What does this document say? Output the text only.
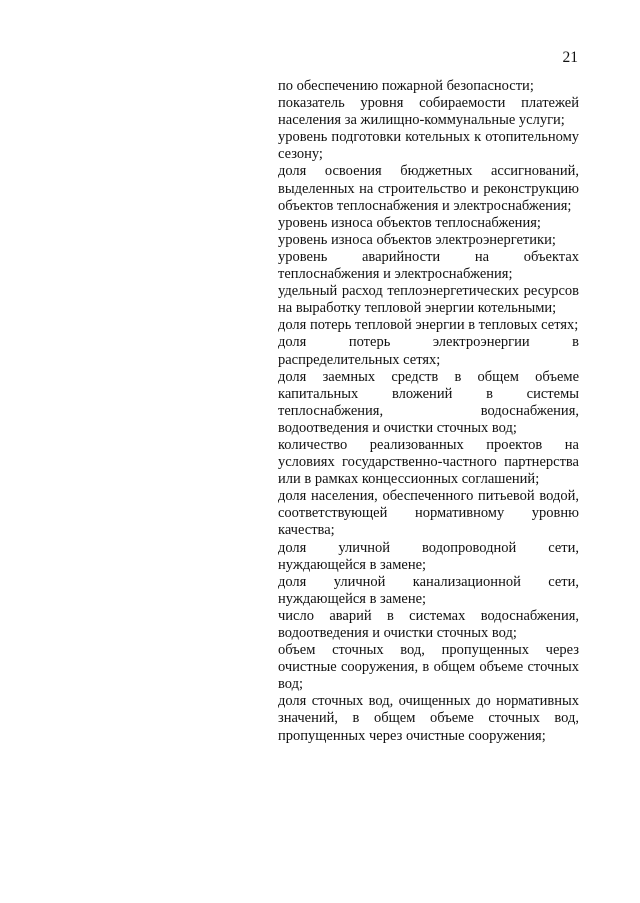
21

по обеспечению пожарной безопасности;

показатель уровня собираемости платежей населения за жилищно-коммунальные услуги;

уровень подготовки котельных к отопительному сезону;

доля освоения бюджетных ассигнований, выделенных на строительство и реконструкцию объектов теплоснабжения и электроснабжения;

уровень износа объектов теплоснабжения;

уровень износа объектов электроэнергетики;

уровень аварийности на объектах теплоснабжения и электроснабжения;

удельный расход теплоэнергетических ресурсов на выработку тепловой энергии котельными;

доля потерь тепловой энергии в тепловых сетях;

доля потерь электроэнергии в распределительных сетях;

доля заемных средств в общем объеме капитальных вложений в системы теплоснабжения, водоснабжения, водоотведения и очистки сточных вод;

количество реализованных проектов на условиях государственно-частного партнерства или в рамках концессионных соглашений;

доля населения, обеспеченного питьевой водой, соответствующей нормативному уровню качества;

доля уличной водопроводной сети, нуждающейся в замене;

доля уличной канализационной сети, нуждающейся в замене;

число аварий в системах водоснабжения, водоотведения и очистки сточных вод;

объем сточных вод, пропущенных через очистные сооружения, в общем объеме сточных вод;

доля сточных вод, очищенных до нормативных значений, в общем объеме сточных вод, пропущенных через очистные сооружения;
